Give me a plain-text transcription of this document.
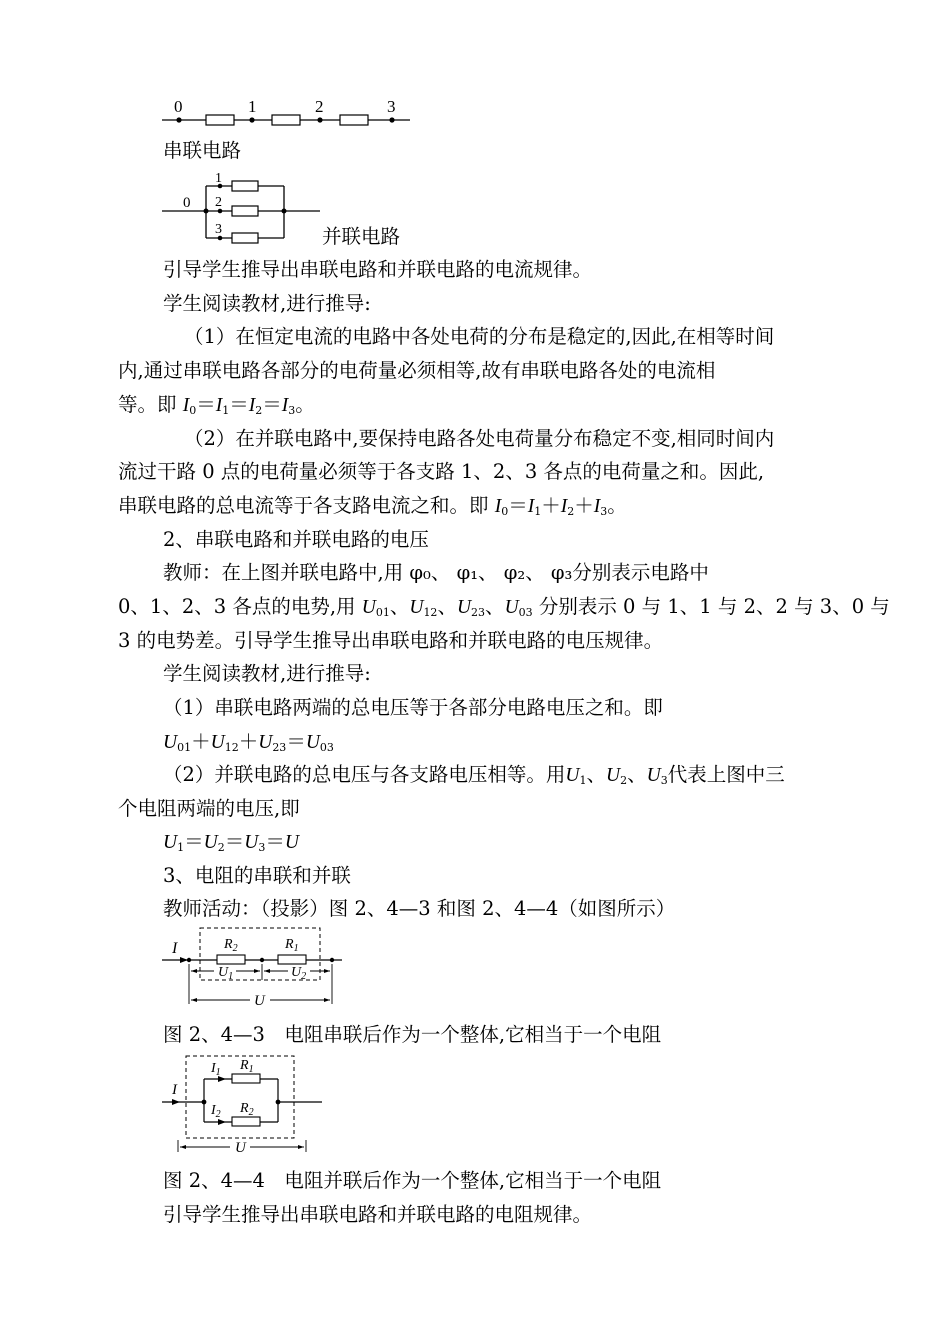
0	1	2	3
串联电路
0
1
2
3	并联电路
引导学生推导出串联电路和并联电路的电流规律。
学生阅读教材,进行推导:
（1）在恒定电流的电路中各处电荷的分布是稳定的,因此,在相等时间
内,通过串联电路各部分的电荷量必须相等,故有串联电路各处的电流相
等。即 $I_0=I_1=I_2=I_3$。
（2）在并联电路中,要保持电路各处电荷量分布稳定不变,相同时间内
流过干路 0 点的电荷量必须等于各支路 1、2、3 各点的电荷量之和。因此,
串联电路的总电流等于各支路电流之和。即 $I_0=I_1+I_2+I_3$。
2、串联电路和并联电路的电压
教师：在上图并联电路中,用 φ₀、 φ₁、 φ₂、 φ₃分别表示电路中
0、1、2、3 各点的电势,用 $U_{01}$、$U_{12}$、$U_{23}$、$U_{03}$ 分别表示 0 与 1、1 与 2、2 与 3、0 与
3 的电势差。引导学生推导出串联电路和并联电路的电压规律。
学生阅读教材,进行推导:
（1）串联电路两端的总电压等于各部分电路电压之和。即
$U_{01}+U_{12}+U_{23}=U_{03}$
（2）并联电路的总电压与各支路电压相等。用$U_1$、$U_2$、$U_3$代表上图中三
个电阻两端的电压,即
$U_1=U_2=U_3=U$
3、电阻的串联和并联
教师活动：（投影）图 2、4—3 和图 2、4—4（如图所示）
I	$R_2$	$R_1$
$U_1$	$U_2$
U
图 2、4—3　电阻串联后作为一个整体,它相当于一个电阻
I
$I_1$ $R_1$
$I_2$ $R_2$
U
图 2、4—4　电阻并联后作为一个整体,它相当于一个电阻
引导学生推导出串联电路和并联电路的电阻规律。
